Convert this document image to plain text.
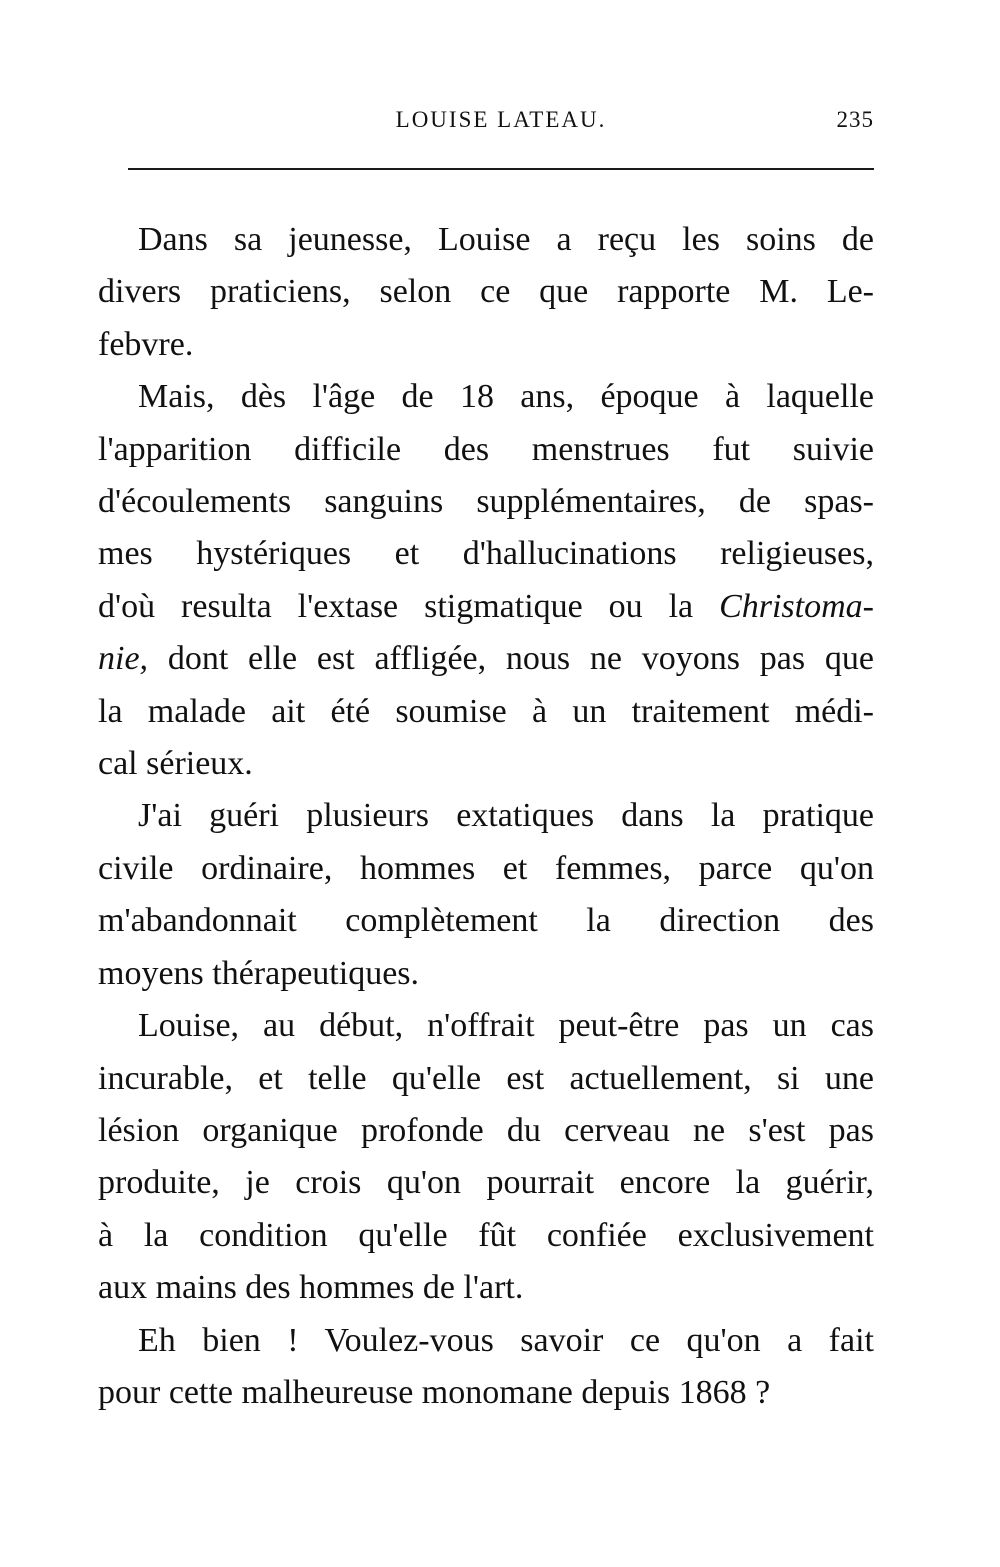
LOUISE LATEAU.	235
Dans sa jeunesse, Louise a reçu les soins de
divers praticiens, selon ce que rapporte M. Le-
febvre.
Mais, dès l'âge de 18 ans, époque à laquelle
l'apparition difficile des menstrues fut suivie
d'écoulements sanguins supplémentaires, de spas-
mes hystériques et d'hallucinations religieuses,
d'où resulta l'extase stigmatique ou la Christoma-
nie, dont elle est affligée, nous ne voyons pas que
la malade ait été soumise à un traitement médi-
cal sérieux.
J'ai guéri plusieurs extatiques dans la pratique
civile ordinaire, hommes et femmes, parce qu'on
m'abandonnait complètement la direction des
moyens thérapeutiques.
Louise, au début, n'offrait peut-être pas un cas
incurable, et telle qu'elle est actuellement, si une
lésion organique profonde du cerveau ne s'est pas
produite, je crois qu'on pourrait encore la guérir,
à la condition qu'elle fût confiée exclusivement
aux mains des hommes de l'art.
Eh bien ! Voulez-vous savoir ce qu'on a fait
pour cette malheureuse monomane depuis 1868 ?
